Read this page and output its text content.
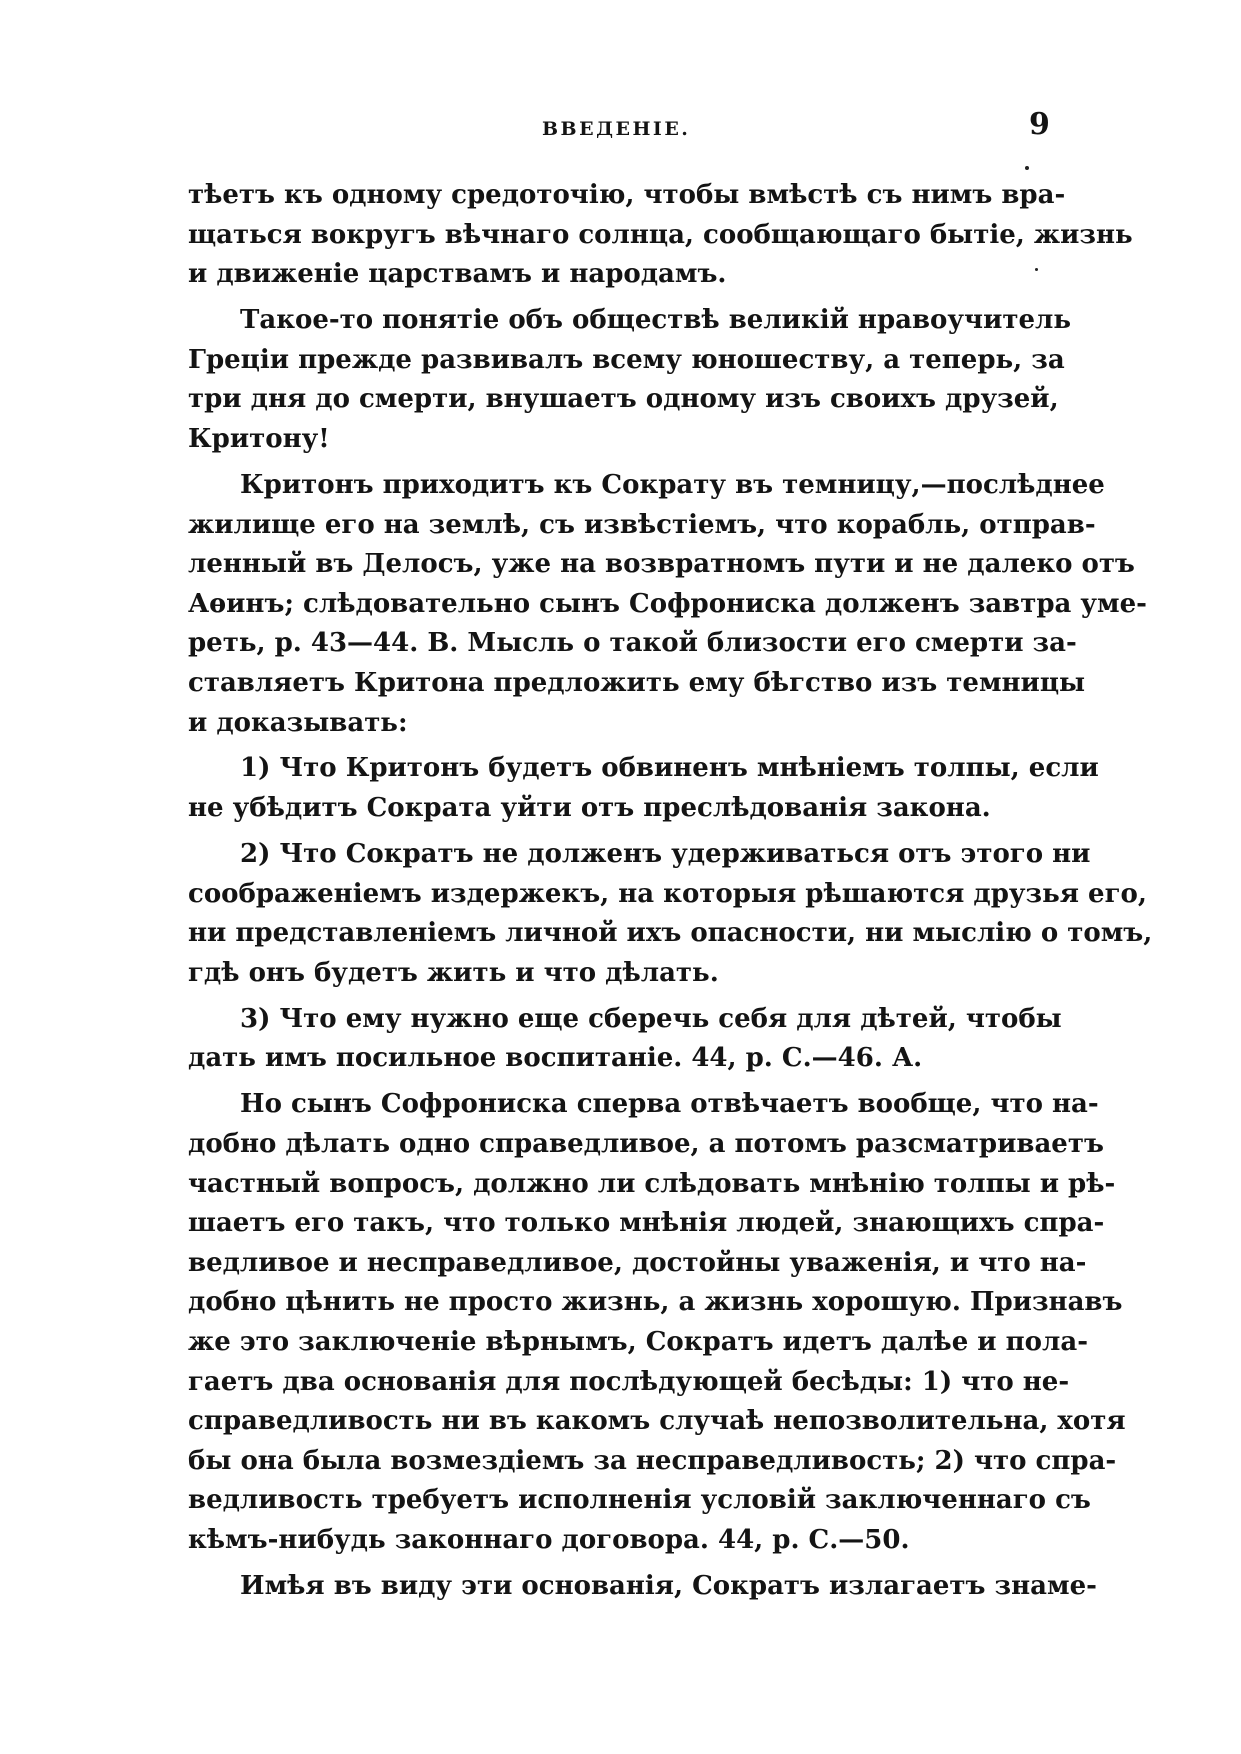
ВВЕДЕНІЕ.	9
тѣетъ къ одному средоточію, чтобы вмѣстѣ съ нимъ вра-
щаться вокругъ вѣчнаго солнца, сообщающаго бытіе, жизнь
и движеніе царствамъ и народамъ.
Такое-то понятіе объ обществѣ великій нравоучитель
Греціи прежде развивалъ всему юношеству, а теперь, за
три дня до смерти, внушаетъ одному изъ своихъ друзей,
Критону!
Критонъ приходитъ къ Сократу въ темницу,—послѣднее
жилище его на землѣ, съ извѣстіемъ, что корабль, отправ-
ленный въ Делосъ, уже на возвратномъ пути и не далеко отъ
Аѳинъ; слѣдовательно сынъ Софрониска долженъ завтра уме-
реть, р. 43—44. В. Мысль о такой близости его смерти за-
ставляетъ Критона предложить ему бѣгство изъ темницы
и доказывать:
1) Что Критонъ будетъ обвиненъ мнѣніемъ толпы, если
не убѣдитъ Сократа уйти отъ преслѣдованія закона.
2) Что Сократъ не долженъ удерживаться отъ этого ни
соображеніемъ издержекъ, на которыя рѣшаются друзья его,
ни представленіемъ личной ихъ опасности, ни мыслію о томъ,
гдѣ онъ будетъ жить и что дѣлать.
3) Что ему нужно еще сберечь себя для дѣтей, чтобы
дать имъ посильное воспитаніе. 44, р. С.—46. А.
Но сынъ Софрониска сперва отвѣчаетъ вообще, что на-
добно дѣлать одно справедливое, а потомъ разсматриваетъ
частный вопросъ, должно ли слѣдовать мнѣнію толпы и рѣ-
шаетъ его такъ, что только мнѣнія людей, знающихъ спра-
ведливое и несправедливое, достойны уваженія, и что на-
добно цѣнить не просто жизнь, а жизнь хорошую. Признавъ
же это заключеніе вѣрнымъ, Сократъ идетъ далѣе и пола-
гаетъ два основанія для послѣдующей бесѣды: 1) что не-
справедливость ни въ какомъ случаѣ непозволительна, хотя
бы она была возмездіемъ за несправедливость; 2) что спра-
ведливость требуетъ исполненія условій заключеннаго съ
кѣмъ-нибудь законнаго договора. 44, р. С.—50.
Имѣя въ виду эти основанія, Сократъ излагаетъ знаме-
